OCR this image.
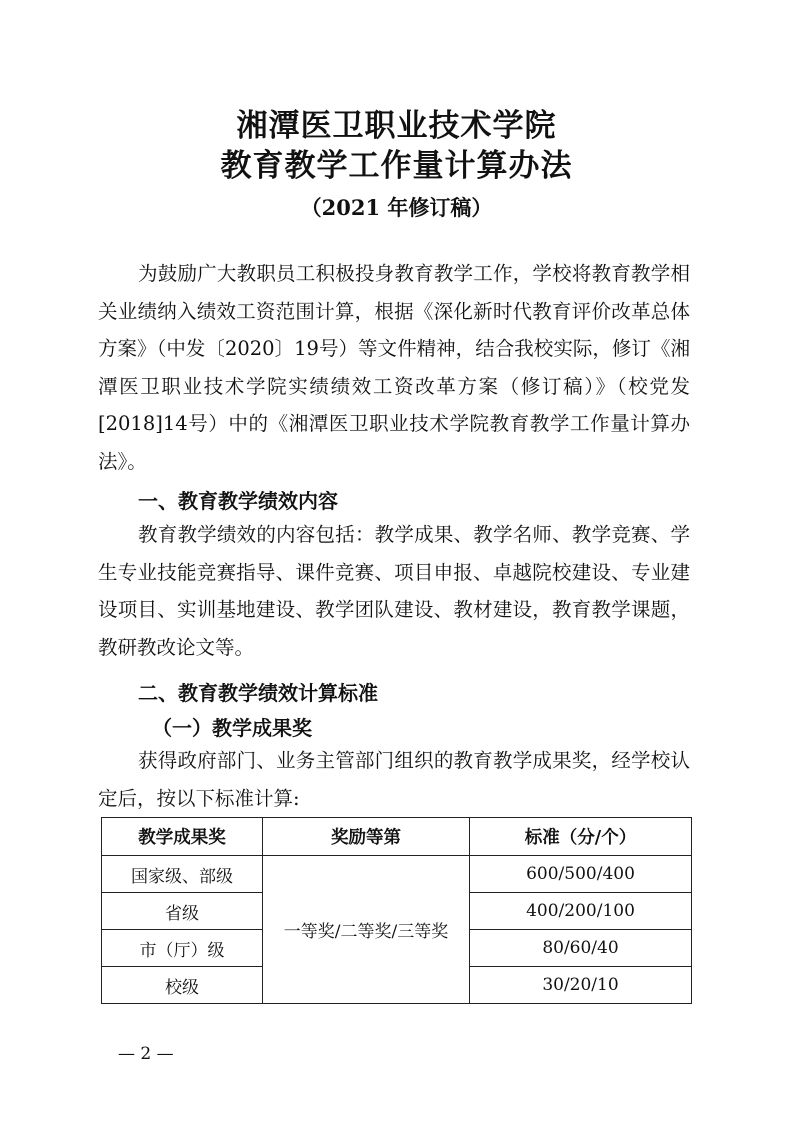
湘潭医卫职业技术学院
教育教学工作量计算办法
（2021 年修订稿）

为鼓励广大教职员工积极投身教育教学工作，学校将教育教学相关业绩纳入绩效工资范围计算，根据《深化新时代教育评价改革总体方案》（中发〔2020〕19号）等文件精神，结合我校实际，修订《湘潭医卫职业技术学院实绩绩效工资改革方案（修订稿）》（校党发[2018]14号）中的《湘潭医卫职业技术学院教育教学工作量计算办法》。

一、教育教学绩效内容

教育教学绩效的内容包括：教学成果、教学名师、教学竞赛、学生专业技能竞赛指导、课件竞赛、项目申报、卓越院校建设、专业建设项目、实训基地建设、教学团队建设、教材建设，教育教学课题，教研教改论文等。

二、教育教学绩效计算标准
（一）教学成果奖

获得政府部门、业务主管部门组织的教育教学成果奖，经学校认定后，按以下标准计算:

教学成果奖	奖励等第	标准（分/个）
国家级、部级	一等奖/二等奖/三等奖	600/500/400
省级		400/200/100
市（厅）级		80/60/40
校级		30/20/10
— 2 —
